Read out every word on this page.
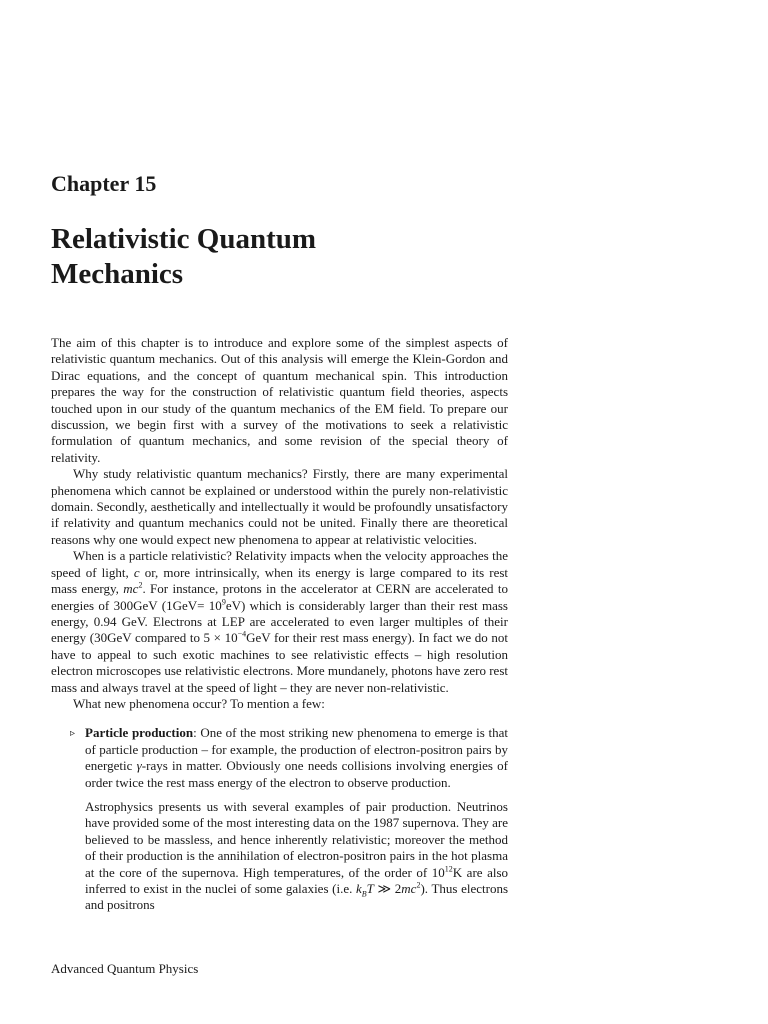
Chapter 15
Relativistic Quantum
Mechanics

The aim of this chapter is to introduce and explore some of the simplest aspects of relativistic quantum mechanics. Out of this analysis will emerge the Klein-Gordon and Dirac equations, and the concept of quantum mechanical spin. This introduction prepares the way for the construction of relativistic quantum field theories, aspects touched upon in our study of the quantum mechanics of the EM field. To prepare our discussion, we begin first with a survey of the motivations to seek a relativistic formulation of quantum mechanics, and some revision of the special theory of relativity.

Why study relativistic quantum mechanics? Firstly, there are many experimental phenomena which cannot be explained or understood within the purely non-relativistic domain. Secondly, aesthetically and intellectually it would be profoundly unsatisfactory if relativity and quantum mechanics could not be united. Finally there are theoretical reasons why one would expect new phenomena to appear at relativistic velocities.

When is a particle relativistic? Relativity impacts when the velocity approaches the speed of light, c or, more intrinsically, when its energy is large compared to its rest mass energy, $mc^2$. For instance, protons in the accelerator at CERN are accelerated to energies of 300GeV $(1GeV= 10^9eV)$ which is considerably larger than their rest mass energy, 0.94 GeV. Electrons at LEP are accelerated to even larger multiples of their energy (30GeV compared to $5 \times 10^{-4}GeV$ for their rest mass energy). In fact we do not have to appeal to such exotic machines to see relativistic effects – high resolution electron microscopes use relativistic electrons. More mundanely, photons have zero rest mass and always travel at the speed of light – they are never non-relativistic.

What new phenomena occur? To mention a few:

▹ Particle production: One of the most striking new phenomena to emerge is that of particle production – for example, the production of electron-positron pairs by energetic γ-rays in matter. Obviously one needs collisions involving energies of order twice the rest mass energy of the electron to observe production.

Astrophysics presents us with several examples of pair production. Neutrinos have provided some of the most interesting data on the 1987 supernova. They are believed to be massless, and hence inherently relativistic; moreover the method of their production is the annihilation of electron-positron pairs in the hot plasma at the core of the supernova. High temperatures, of the order of $10^{12}K$ are also inferred to exist in the nuclei of some galaxies (i.e. $k_BT$ ≫ $2mc^2$). Thus electrons and positrons

Advanced Quantum Physics
